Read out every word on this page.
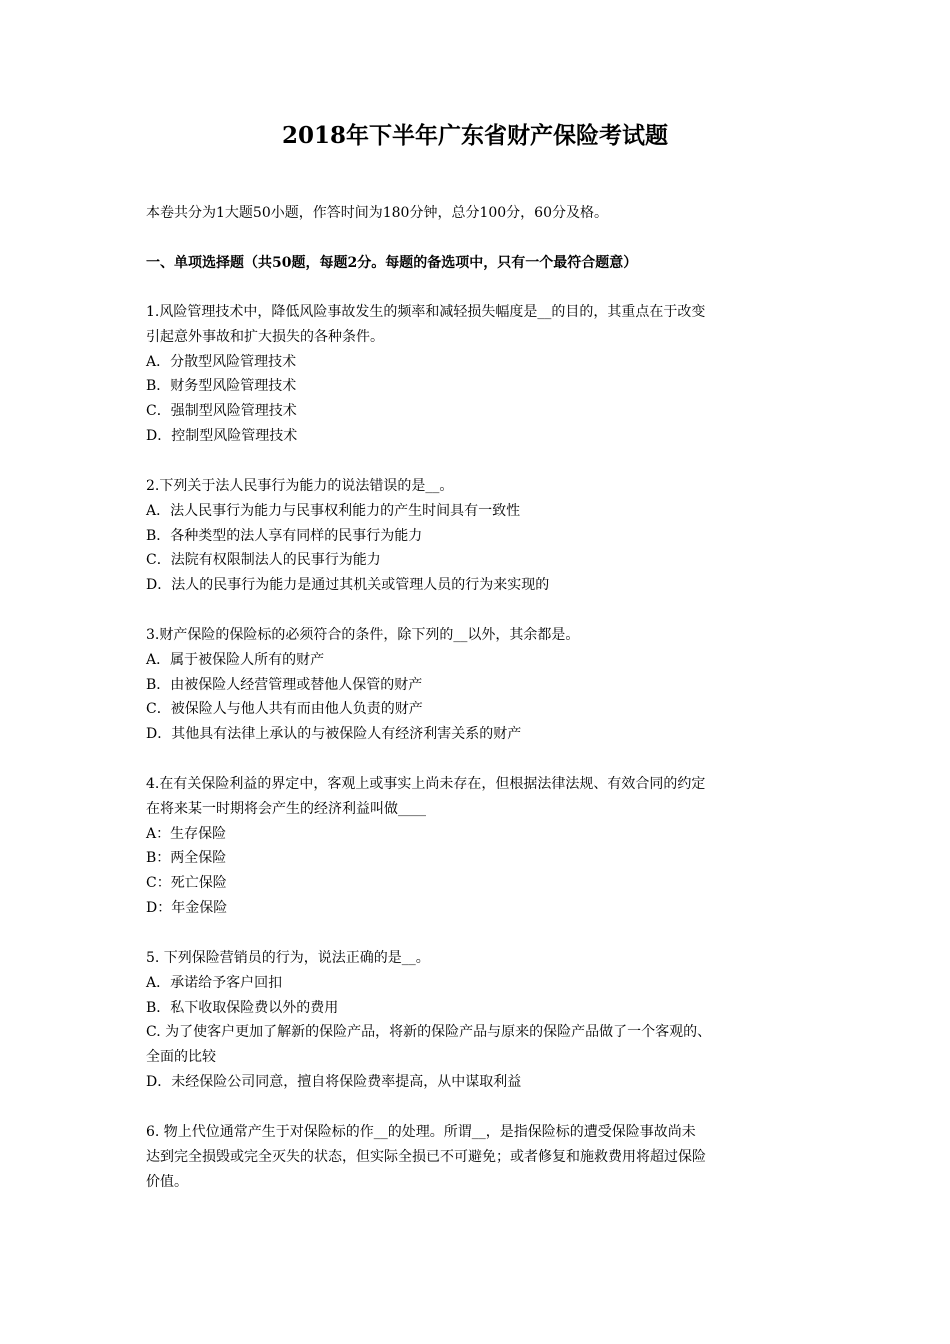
2018年下半年广东省财产保险考试题
本卷共分为1大题50小题，作答时间为180分钟，总分100分，60分及格。
一、单项选择题（共50题，每题2分。每题的备选项中，只有一个最符合题意）

1.风险管理技术中，降低风险事故发生的频率和减轻损失幅度是__的目的，其重点在于改变

引起意外事故和扩大损失的各种条件。

A．分散型风险管理技术

B．财务型风险管理技术

C．强制型风险管理技术

D．控制型风险管理技术

2.下列关于法人民事行为能力的说法错误的是__。

A．法人民事行为能力与民事权利能力的产生时间具有一致性

B．各种类型的法人享有同样的民事行为能力

C．法院有权限制法人的民事行为能力

D．法人的民事行为能力是通过其机关或管理人员的行为来实现的

3.财产保险的保险标的必须符合的条件，除下列的__以外，其余都是。

A．属于被保险人所有的财产

B．由被保险人经营管理或替他人保管的财产

C．被保险人与他人共有而由他人负责的财产

D．其他具有法律上承认的与被保险人有经济利害关系的财产

4.在有关保险利益的界定中，客观上或事实上尚未存在，但根据法律法规、有效合同的约定

在将来某一时期将会产生的经济利益叫做____

A：生存保险

B：两全保险

C：死亡保险

D：年金保险

5. 下列保险营销员的行为，说法正确的是__。

A．承诺给予客户回扣

B．私下收取保险费以外的费用

C. 为了使客户更加了解新的保险产品，将新的保险产品与原来的保险产品做了一个客观的、

全面的比较

D．未经保险公司同意，擅自将保险费率提高，从中谋取利益

6. 物上代位通常产生于对保险标的作__的处理。所谓__，是指保险标的遭受保险事故尚未

达到完全损毁或完全灭失的状态，但实际全损已不可避免；或者修复和施救费用将超过保险

价值。
